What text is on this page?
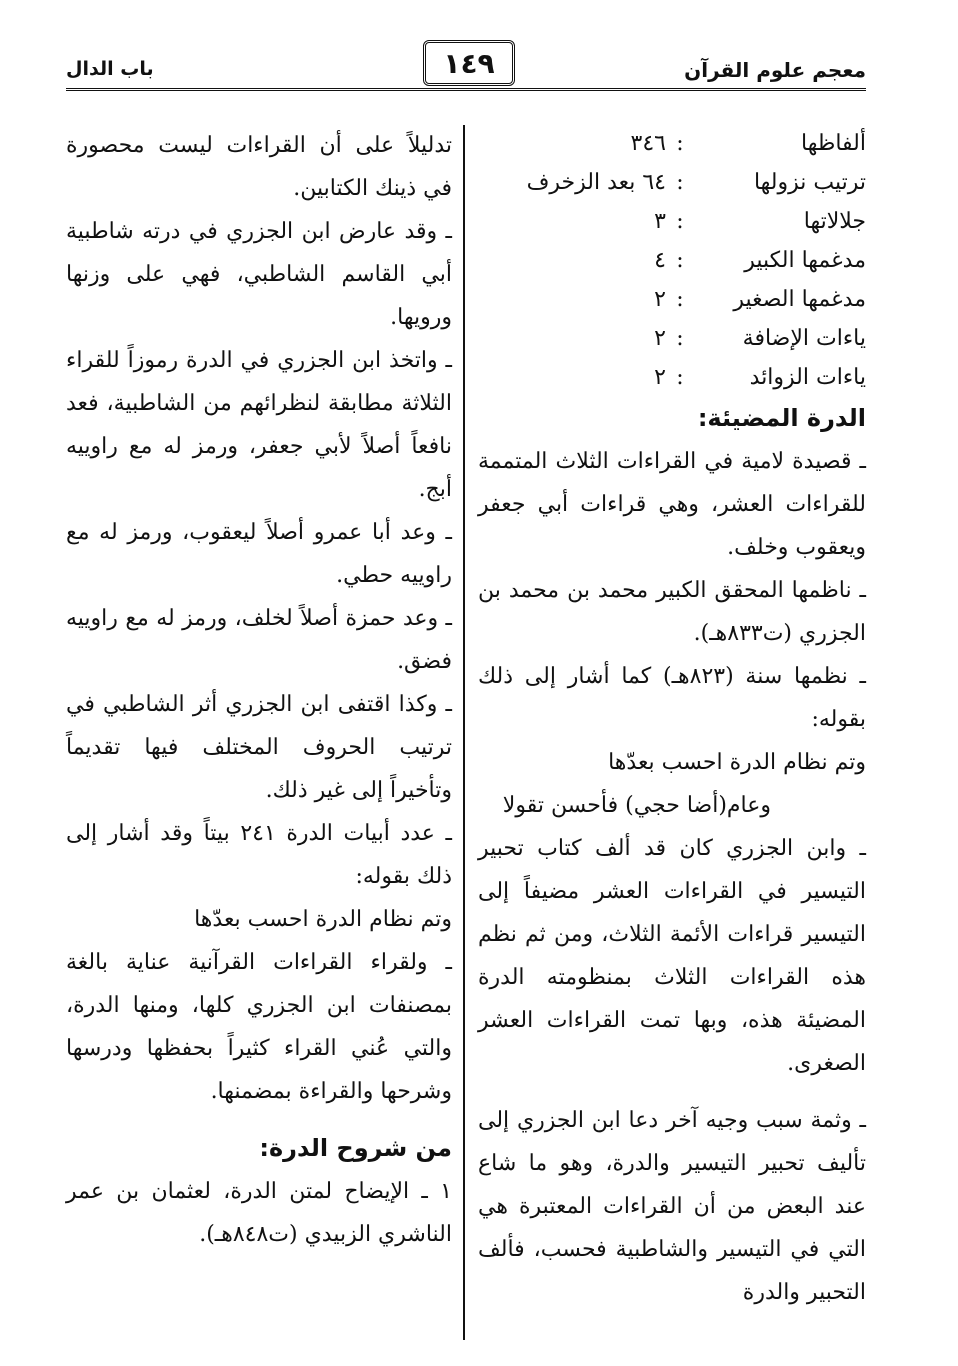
باب الدال	١٤٩	معجم علوم القرآن
ألفاظها
:
٣٤٦
ترتيب نزولها
:
٦٤ بعد الزخرف
جلالاتها
:
٣
مدغمها الكبير
:
٤
مدغمها الصغير
:
٢
ياءات الإضافة
:
٢
ياءات الزوائد
:
٢

الدرة المضيئة:

ـ قصيدة لامية في القراءات الثلاث المتممة للقراءات العشر، وهي قراءات أبي جعفر ويعقوب وخلف.

ـ ناظمها المحقق الكبير محمد بن محمد بن الجزري (ت٨٣٣هـ).

ـ نظمها سنة (٨٢٣هـ) كما أشار إلى ذلك بقوله:

وتم نظام الدرة احسب بعدّها

وعام(أضا حجي) فأحسن تقولا

ـ وابن الجزري كان قد ألف كتاب تحبير التيسير في القراءات العشر مضيفاً إلى التيسير قراءات الأئمة الثلاث، ومن ثم نظم هذه القراءات الثلاث بمنظومته الدرة المضيئة هذه، وبها تمت القراءات العشر الصغرى.

ـ وثمة سبب وجيه آخر دعا ابن الجزري إلى تأليف تحبير التيسير والدرة، وهو ما شاع عند البعض من أن القراءات المعتبرة هي التي في التيسير والشاطبية فحسب، فألف التحبير والدرة

تدليلاً على أن القراءات ليست محصورة في ذينك الكتابين.

ـ وقد عارض ابن الجزري في درته شاطبية أبي القاسم الشاطبي، فهي على وزنها ورويها.

ـ واتخذ ابن الجزري في الدرة رموزاً للقراء الثلاثة مطابقة لنظرائهم من الشاطبية، فعد نافعاً أصلاً لأبي جعفر، ورمز له مع راوييه أبج.

ـ وعد أبا عمرو أصلاً ليعقوب، ورمز له مع راوييه حطي.

ـ وعد حمزة أصلاً لخلف، ورمز له مع راوييه فضق.

ـ وكذا اقتفى ابن الجزري أثر الشاطبي في ترتيب الحروف المختلف فيها تقديماً وتأخيراً إلى غير ذلك.

ـ عدد أبيات الدرة ٢٤١ بيتاً وقد أشار إلى ذلك بقوله:

وتم نظام الدرة احسب بعدّها

ـ ولقراء القراءات القرآنية عناية بالغة بمصنفات ابن الجزري كلها، ومنها الدرة، والتي عُني القراء كثيراً بحفظها ودرسها وشرحها والقراءة بمضمنها.

من شروح الدرة:

١ ـ الإيضاح لمتن الدرة، لعثمان بن عمر الناشري الزبيدي (ت٨٤٨هـ).
